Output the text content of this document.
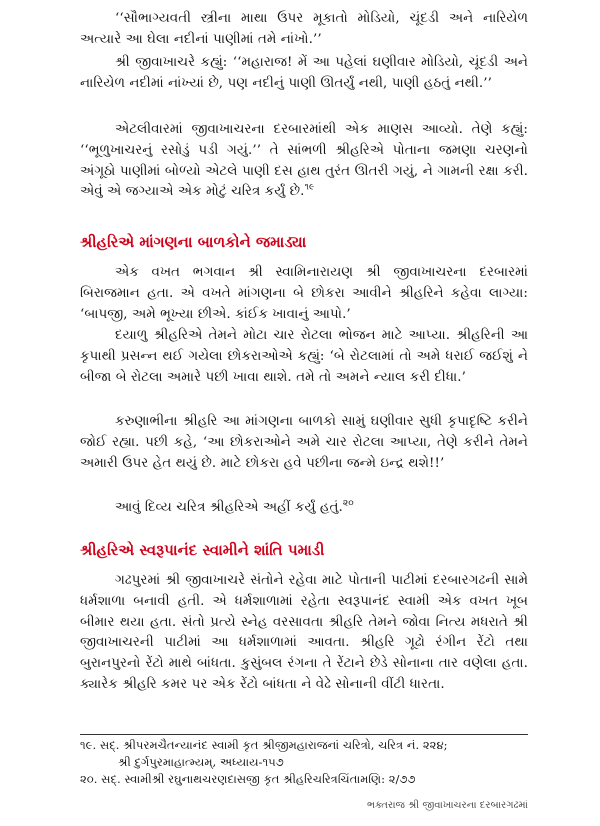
‘‘સૌભાગ્યવતી સ્ત્રીના માથા ઉપર મૂકાતો મોડિયો, ચૂંદડી અને નારિયેળ અત્યારે આ ઘેલા નદીનાં પાણીમાં તમે નાંખો.’’

શ્રી જીવાખાચરે કહ્યું: ‘‘મહારાજ! મેં આ પહેલાં ઘણીવાર મોડિયો, ચૂંદડી અને નારિયેળ નદીમાં નાંખ્યાં છે, પણ નદીનું પાણી ઊતર્યું નથી, પાણી હઠતું નથી.’’

એટલીવારમાં જીવાખાચરના દરબારમાંથી એક માણસ આવ્યો. તેણે કહ્યું: ‘‘ભૂળુખાચરનું રસોડું પડી ગયું.’’ તે સાંભળી શ્રીહરિએ પોતાના જમણા ચરણનો અંગૂઠો પાણીમાં બોળ્યો એટલે પાણી દસ હાથ તુરંત ઊતરી ગયું, ને ગામની રક્ષા કરી. એવું એ જગ્યાએ એક મોટું ચરિત્ર કર્યું છે.$^{૧૯}$

શ્રીહરિએ માંગણના બાળકોને જમાડ્યા

એક વખત ભગવાન શ્રી સ્વામિનારાયણ શ્રી જીવાખાચરના દરબારમાં બિરાજમાન હતા. એ વખતે માંગણના બે છોકરા આવીને શ્રીહરિને કહેવા લાગ્યા: ‘બાપજી, અમે ભૂખ્યા છીએ. કાંઈક ખાવાનું આપો.’

દયાળુ શ્રીહરિએ તેમને મોટા ચાર રોટલા ભોજન માટે આપ્યા. શ્રીહરિની આ કૃપાથી પ્રસન્ન થઈ ગયેલા છોકરાઓએ કહ્યું: ‘બે રોટલામાં તો અમે ધરાઈ જઈશું ને બીજા બે રોટલા અમારે પછી ખાવા થાશે. તમે તો અમને ન્યાલ કરી દીધા.’

કરુણાભીના શ્રીહરિ આ માંગણના બાળકો સામું ઘણીવાર સુધી કૃપાદૃષ્ટિ કરીને જોઈ રહ્યા. પછી કહે, ‘આ છોકરાઓને અમે ચાર રોટલા આપ્યા, તેણે કરીને તેમને અમારી ઉપર હેત થયું છે. માટે છોકરા હવે પછીના જન્મે ઇન્દ્ર થશે!!’

આવું દિવ્ય ચરિત્ર શ્રીહરિએ અહીં કર્યું હતું.$^{૨૦}$

શ્રીહરિએ સ્વરૂપાનંદ સ્વામીને શાંતિ પમાડી

ગઢપુરમાં શ્રી જીવાખાચરે સંતોને રહેવા માટે પોતાની પાટીમાં દરબારગઢની સામે ધર્મશાળા બનાવી હતી. એ ધર્મશાળામાં રહેતા સ્વરૂપાનંદ સ્વામી એક વખત ખૂબ બીમાર થયા હતા. સંતો પ્રત્યે સ્નેહ વરસાવતા શ્રીહરિ તેમને જોવા નિત્ય મધરાતે શ્રી જીવાખાચરની પાટીમાં આ ધર્મશાળામાં આવતા. શ્રીહરિ ગૂઢો રંગીન રેંટો તથા બુરાનપુરનો રેંટો માથે બાંધતા. કુસુંબલ રંગના તે રેંટાને છેડે સોનાના તાર વણેલા હતા. ક્યારેક શ્રીહરિ કમર પર એક રેંટો બાંધતા ને વેઢે સોનાની વીંટી ધારતા.

૧૯. સદ્. શ્રીપરમચૈતન્યાનંદ સ્વામી કૃત શ્રીજીમહારાજનાં ચરિત્રો, ચરિત્ર નં. ૨૨૪;

શ્રી દુર્ગપુરમાહાત્મ્યમ્, અધ્યાય-૧૫૭

૨૦. સદ્. સ્વામીશ્રી રઘુનાથચરણદાસજી કૃત શ્રીહરિચરિત્રચિંતામણિ: ૨/૭૭

ભક્તરાજ શ્રી જીવાખાચરના દરબારગઢમાં
